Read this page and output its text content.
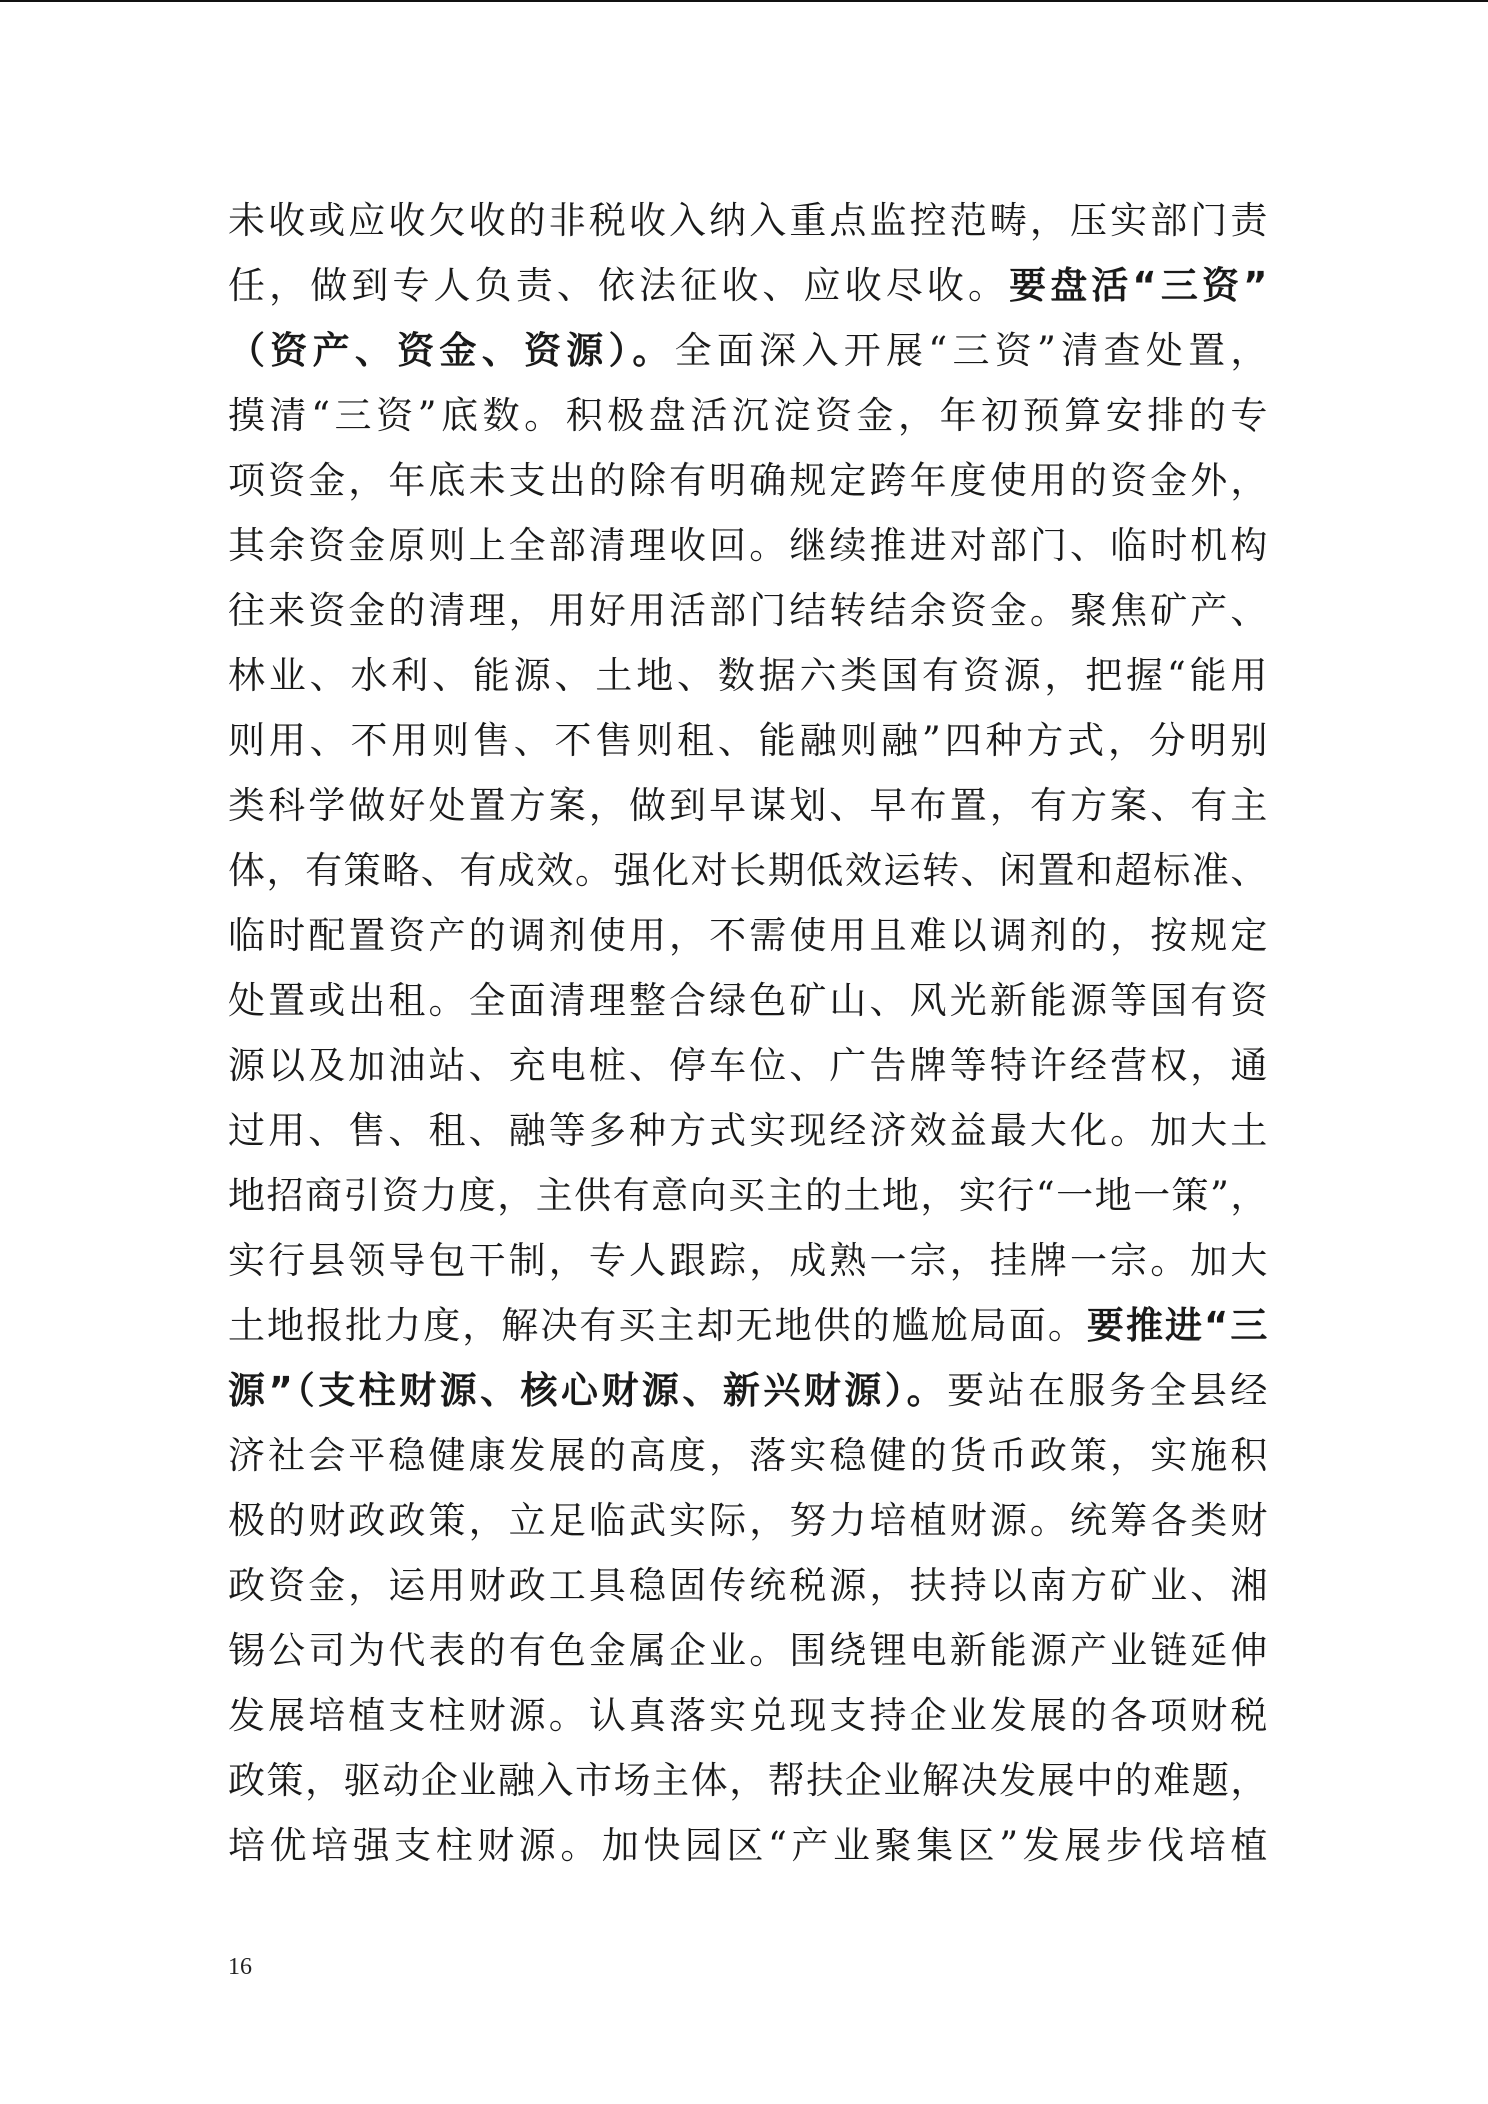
未收或应收欠收的非税收入纳入重点监控范畴，压实部门责
任，做到专人负责、依法征收、应收尽收。要盘活“三资”
（资产、资金、资源）。全面深入开展“三资”清查处置，
摸清“三资”底数。积极盘活沉淀资金，年初预算安排的专
项资金，年底未支出的除有明确规定跨年度使用的资金外，
其余资金原则上全部清理收回。继续推进对部门、临时机构
往来资金的清理，用好用活部门结转结余资金。聚焦矿产、
林业、水利、能源、土地、数据六类国有资源，把握“能用
则用、不用则售、不售则租、能融则融”四种方式，分明别
类科学做好处置方案，做到早谋划、早布置，有方案、有主
体，有策略、有成效。强化对长期低效运转、闲置和超标准、
临时配置资产的调剂使用，不需使用且难以调剂的，按规定
处置或出租。全面清理整合绿色矿山、风光新能源等国有资
源以及加油站、充电桩、停车位、广告牌等特许经营权，通
过用、售、租、融等多种方式实现经济效益最大化。加大土
地招商引资力度，主供有意向买主的土地，实行“一地一策”，
实行县领导包干制，专人跟踪，成熟一宗，挂牌一宗。加大
土地报批力度，解决有买主却无地供的尴尬局面。要推进“三
源”（支柱财源、核心财源、新兴财源）。要站在服务全县经
济社会平稳健康发展的高度，落实稳健的货币政策，实施积
极的财政政策，立足临武实际，努力培植财源。统筹各类财
政资金，运用财政工具稳固传统税源，扶持以南方矿业、湘
锡公司为代表的有色金属企业。围绕锂电新能源产业链延伸
发展培植支柱财源。认真落实兑现支持企业发展的各项财税
政策，驱动企业融入市场主体，帮扶企业解决发展中的难题，
培优培强支柱财源。加快园区“产业聚集区”发展步伐培植
16
